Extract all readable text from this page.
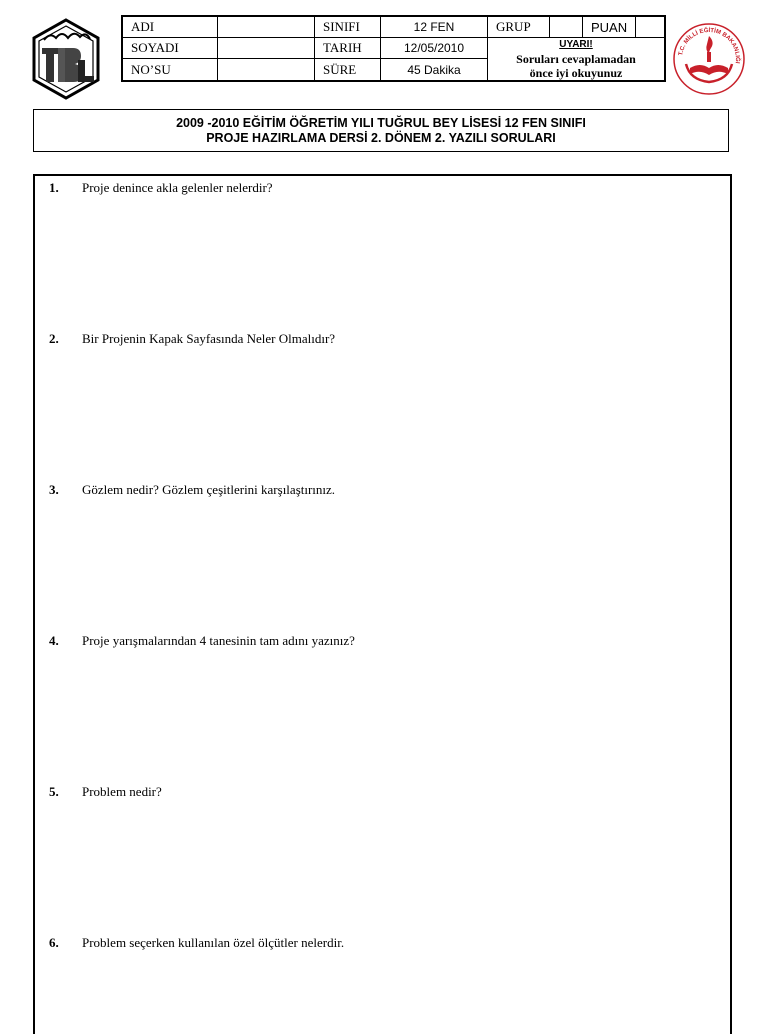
ADI		SINIFI	12 FEN	GRUP		PUAN	
SOYADI		TARIH	12/05/2010	UYARI!
Soruları cevaplamadan
önce iyi okuyunuz			

NO’SU		SÜRE	45 Dakika				
T.C. MİLLİ EĞİTİM BAKANLIĞI
2009 -2010 EĞİTİM ÖĞRETİM YILI TUĞRUL BEY LİSESİ 12 FEN SINIFI
PROJE HAZIRLAMA DERSİ 2. DÖNEM 2. YAZILI SORULARI
1.	Proje denince akla gelenler nelerdir?
2.	Bir Projenin Kapak Sayfasında Neler Olmalıdır?
3.	Gözlem nedir? Gözlem çeşitlerini karşılaştırınız.
4.	Proje yarışmalarından 4 tanesinin tam adını yazınız?
5.	Problem nedir?
6.	Problem seçerken kullanılan özel ölçütler nelerdir.
